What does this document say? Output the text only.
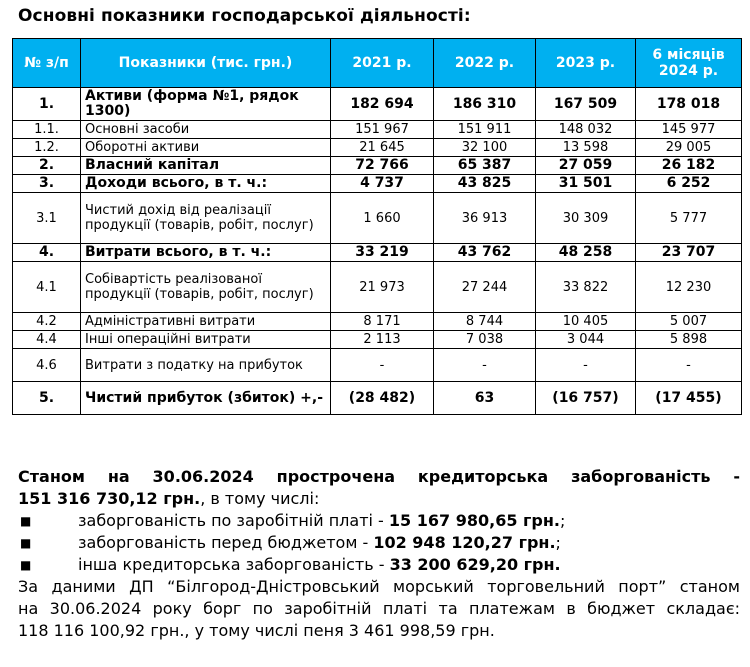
Основні показники господарської діяльності:
№ з/п	Показники (тис. грн.)	2021 р.	2022 р.	2023 р.	6 місяців 2024 р.
1.	Активи (форма №1, рядок 1300)	182 694	186 310	167 509	178 018
1.1.	Основні засоби	151 967	151 911	148 032	145 977
1.2.	Оборотні активи	21 645	32 100	13 598	29 005
2.	Власний капітал	72 766	65 387	27 059	26 182
3.	Доходи всього, в т. ч.:	4 737	43 825	31 501	6 252
3.1	Чистий дохід від реалізації продукції (товарів, робіт, послуг)	1 660	36 913	30 309	5 777
4.	Витрати всього, в т. ч.:	33 219	43 762	48 258	23 707
4.1	Собівартість реалізованої продукції (товарів, робіт, послуг)	21 973	27 244	33 822	12 230
4.2	Адміністративні витрати	8 171	8 744	10 405	5 007
4.4	Інші операційні витрати	2 113	7 038	3 044	5 898
4.6	Витрати з податку на прибуток	-	-	-	-
5.	Чистий прибуток (збиток) +,-	(28 482)	63	(16 757)	(17 455)

Станом на 30.06.2024 прострочена кредиторська заборгованість -

151 316 730,12 грн., в тому числі:

■	заборгованість по заробітній платі - 15 167 980,65 грн.;

■	заборгованість перед бюджетом - 102 948 120,27 грн.;

■	інша кредиторська заборгованість - 33 200 629,20 грн.

За даними ДП “Білгород-Дністровський морський торговельний порт” станом

на 30.06.2024 року борг по заробітній платі та платежам в бюджет складає:

118 116 100,92 грн., у тому числі пеня 3 461 998,59 грн.
